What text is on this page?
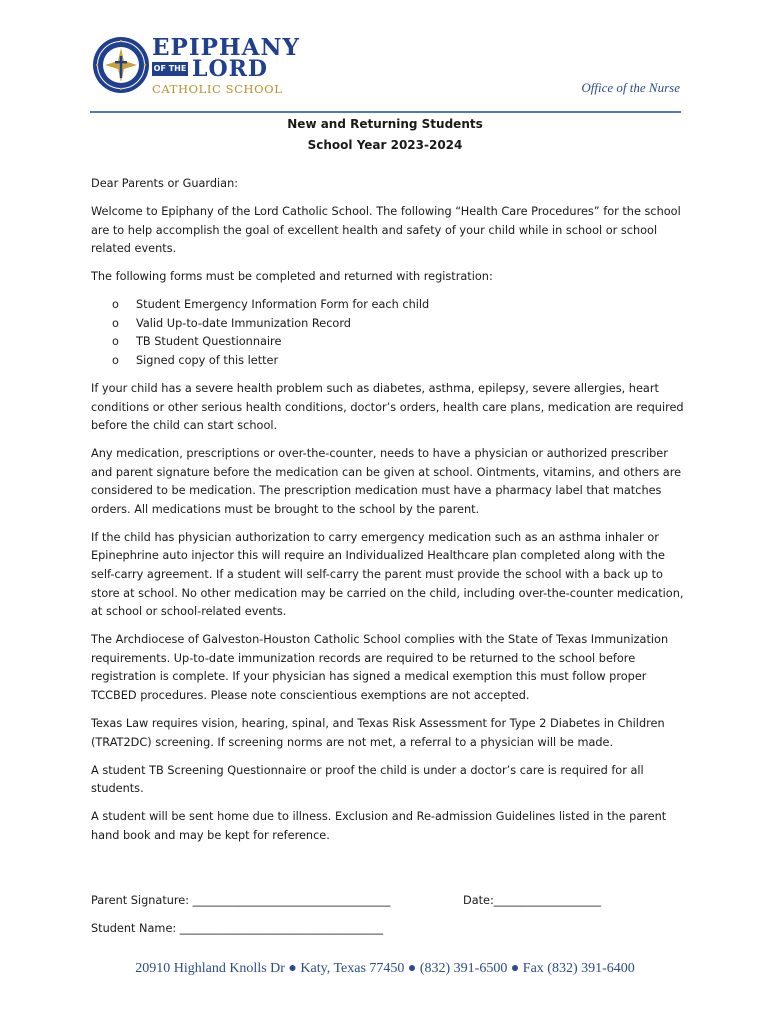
EPIPHANY
OF THE LORD
CATHOLIC SCHOOL	Office of the Nurse
New and Returning Students
School Year 2023-2024

Dear Parents or Guardian:

Welcome to Epiphany of the Lord Catholic School. The following “Health Care Procedures” for the school are to help accomplish the goal of excellent health and safety of your child while in school or school related events.

The following forms must be completed and returned with registration:

o Student Emergency Information Form for each child
o Valid Up-to-date Immunization Record
o TB Student Questionnaire
o Signed copy of this letter

If your child has a severe health problem such as diabetes, asthma, epilepsy, severe allergies, heart conditions or other serious health conditions, doctor’s orders, health care plans, medication are required before the child can start school.

Any medication, prescriptions or over-the-counter, needs to have a physician or authorized prescriber and parent signature before the medication can be given at school. Ointments, vitamins, and others are considered to be medication. The prescription medication must have a pharmacy label that matches orders. All medications must be brought to the school by the parent.

If the child has physician authorization to carry emergency medication such as an asthma inhaler or Epinephrine auto injector this will require an Individualized Healthcare plan completed along with the self-carry agreement. If a student will self-carry the parent must provide the school with a back up to store at school. No other medication may be carried on the child, including over-the-counter medication, at school or school-related events.

The Archdiocese of Galveston-Houston Catholic School complies with the State of Texas Immunization requirements. Up-to-date immunization records are required to be returned to the school before registration is complete. If your physician has signed a medical exemption this must follow proper TCCBED procedures. Please note conscientious exemptions are not accepted.

Texas Law requires vision, hearing, spinal, and Texas Risk Assessment for Type 2 Diabetes in Children (TRAT2DC) screening. If screening norms are not met, a referral to a physician will be made.

A student TB Screening Questionnaire or proof the child is under a doctor’s care is required for all students.

A student will be sent home due to illness. Exclusion and Re-admission Guidelines listed in the parent hand book and may be kept for reference.

Parent Signature: ___________________________________	Date:___________________
Student Name: ____________________________________
20910 Highland Knolls Dr ● Katy, Texas 77450 ● (832) 391-6500 ● Fax (832) 391-6400
